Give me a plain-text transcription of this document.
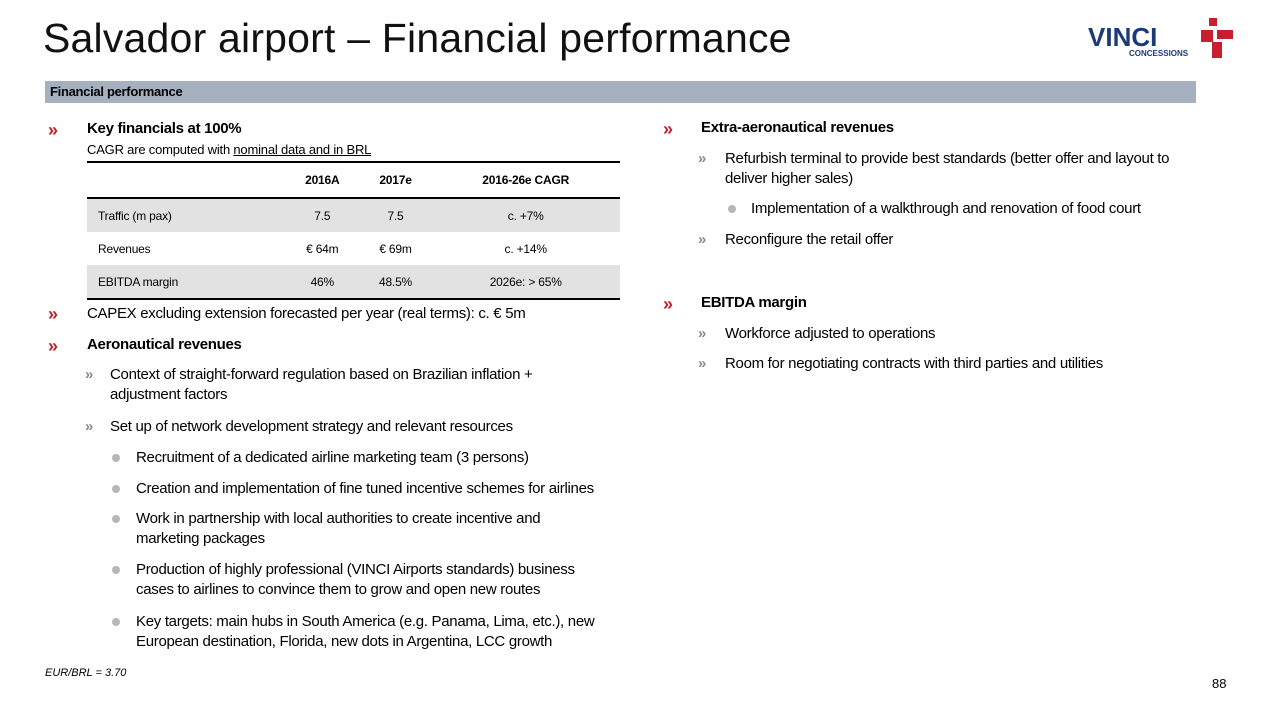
Salvador airport – Financial performance	VINCI
CONCESSIONS
Financial performance
» Key financials at 100%
CAGR are computed with nominal data and in BRL
	2016A	2017e	2016-26e CAGR
Traffic (m pax)	7.5	7.5	c. +7%
Revenues	€ 64m	€ 69m	c. +14%
EBITDA margin	46%	48.5%	2026e: > 65%
» CAPEX excluding extension forecasted per year (real terms): c. € 5m
» Aeronautical revenues
» Context of straight-forward regulation based on Brazilian inflation +
adjustment factors
» Set up of network development strategy and relevant resources
Recruitment of a dedicated airline marketing team (3 persons)
Creation and implementation of fine tuned incentive schemes for airlines
Work in partnership with local authorities to create incentive and
marketing packages
Production of highly professional (VINCI Airports standards) business
cases to airlines to convince them to grow and open new routes
Key targets: main hubs in South America (e.g. Panama, Lima, etc.), new
European destination, Florida, new dots in Argentina, LCC growth
» Extra-aeronautical revenues
» Refurbish terminal to provide best standards (better offer and layout to
deliver higher sales)
Implementation of a walkthrough and renovation of food court
» Reconfigure the retail offer
» EBITDA margin
» Workforce adjusted to operations
» Room for negotiating contracts with third parties and utilities
EUR/BRL = 3.70
88
